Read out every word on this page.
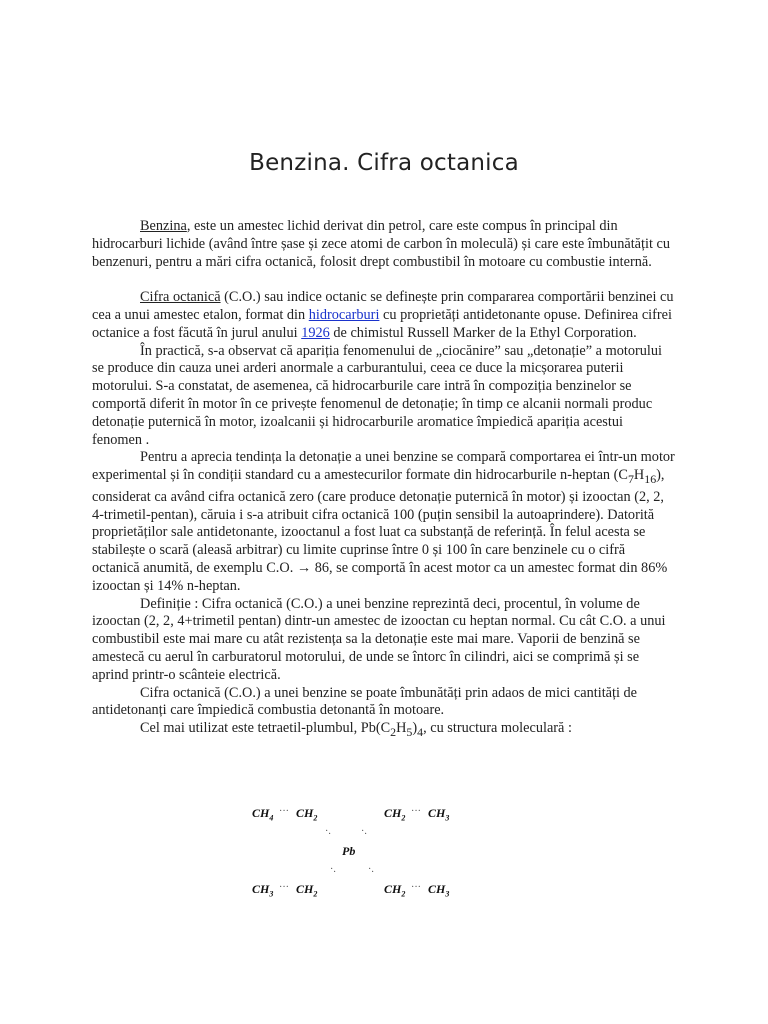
Benzina. Cifra octanica

Benzina, este un amestec lichid derivat din petrol, care este compus în principal din hidrocarburi lichide (având între șase și zece atomi de carbon în moleculă) și care este îmbunătățit cu benzenuri, pentru a mări cifra octanică, folosit drept combustibil în motoare cu combustie internă.

Cifra octanică (C.O.) sau indice octanic se definește prin compararea comportării benzinei cu cea a unui amestec etalon, format din hidrocarburi cu proprietăți antidetonante opuse. Definirea cifrei octanice a fost făcută în jurul anului 1926 de chimistul Russell Marker de la Ethyl Corporation.

În practică, s-a observat că apariția fenomenului de „ciocănire” sau „detonație” a motorului se produce din cauza unei arderi anormale a carburantului, ceea ce duce la micșorarea puterii motorului. S-a constatat, de asemenea, că hidrocarburile care intră în compoziția benzinelor se comportă diferit în motor în ce privește fenomenul de detonație; în timp ce alcanii normali produc detonație puternică în motor, izoalcanii și hidrocarburile aromatice împiedică apariția acestui fenomen .

Pentru a aprecia tendința la detonație a unei benzine se compară comportarea ei într-un motor experimental și în condiții standard cu a amestecurilor formate din hidrocarburile n-heptan $(C_7H_{16})$, considerat ca având cifra octanică zero (care produce detonație puternică în motor) și izooctan (2, 2, 4-trimetil-pentan), căruia i s-a atribuit cifra octanică 100 (puțin sensibil la autoaprindere). Datorită proprietăților sale antidetonante, izooctanul a fost luat ca substanță de referință. În felul acesta se stabilește o scară (aleasă arbitrar) cu limite cuprinse între 0 și 100 în care benzinele cu o cifră octanică anumită, de exemplu C.O. → 86, se comportă în acest motor ca un amestec format din 86% izooctan și 14% n-heptan.

Definiție : Cifra octanică (C.O.) a unei benzine reprezintă deci, procentul, în volume de izooctan (2, 2, 4+trimetil pentan) dintr-un amestec de izooctan cu heptan normal. Cu cât C.O. a unui combustibil este mai mare cu atât rezistența sa la detonație este mai mare. Vaporii de benzină se amestecă cu aerul în carburatorul motorului, de unde se întorc în cilindri, aici se comprimă și se aprind printr-o scânteie electrică.

Cifra octanică (C.O.) a unei benzine se poate îmbunătăți prin adaos de mici cantități de antidetonanți care împiedică combustia detonantă în motoare.

Cel mai utilizat este tetraetil-plumbul, $Pb(C_2H_5)_4$, cu structura moleculară :

$CH_4$
··· $CH_2$	$CH_2$
··· $CH_3$
·.	·.
Pb
·.	·.
$CH_3$
··· $CH_2$	$CH_2$
··· $CH_3$
